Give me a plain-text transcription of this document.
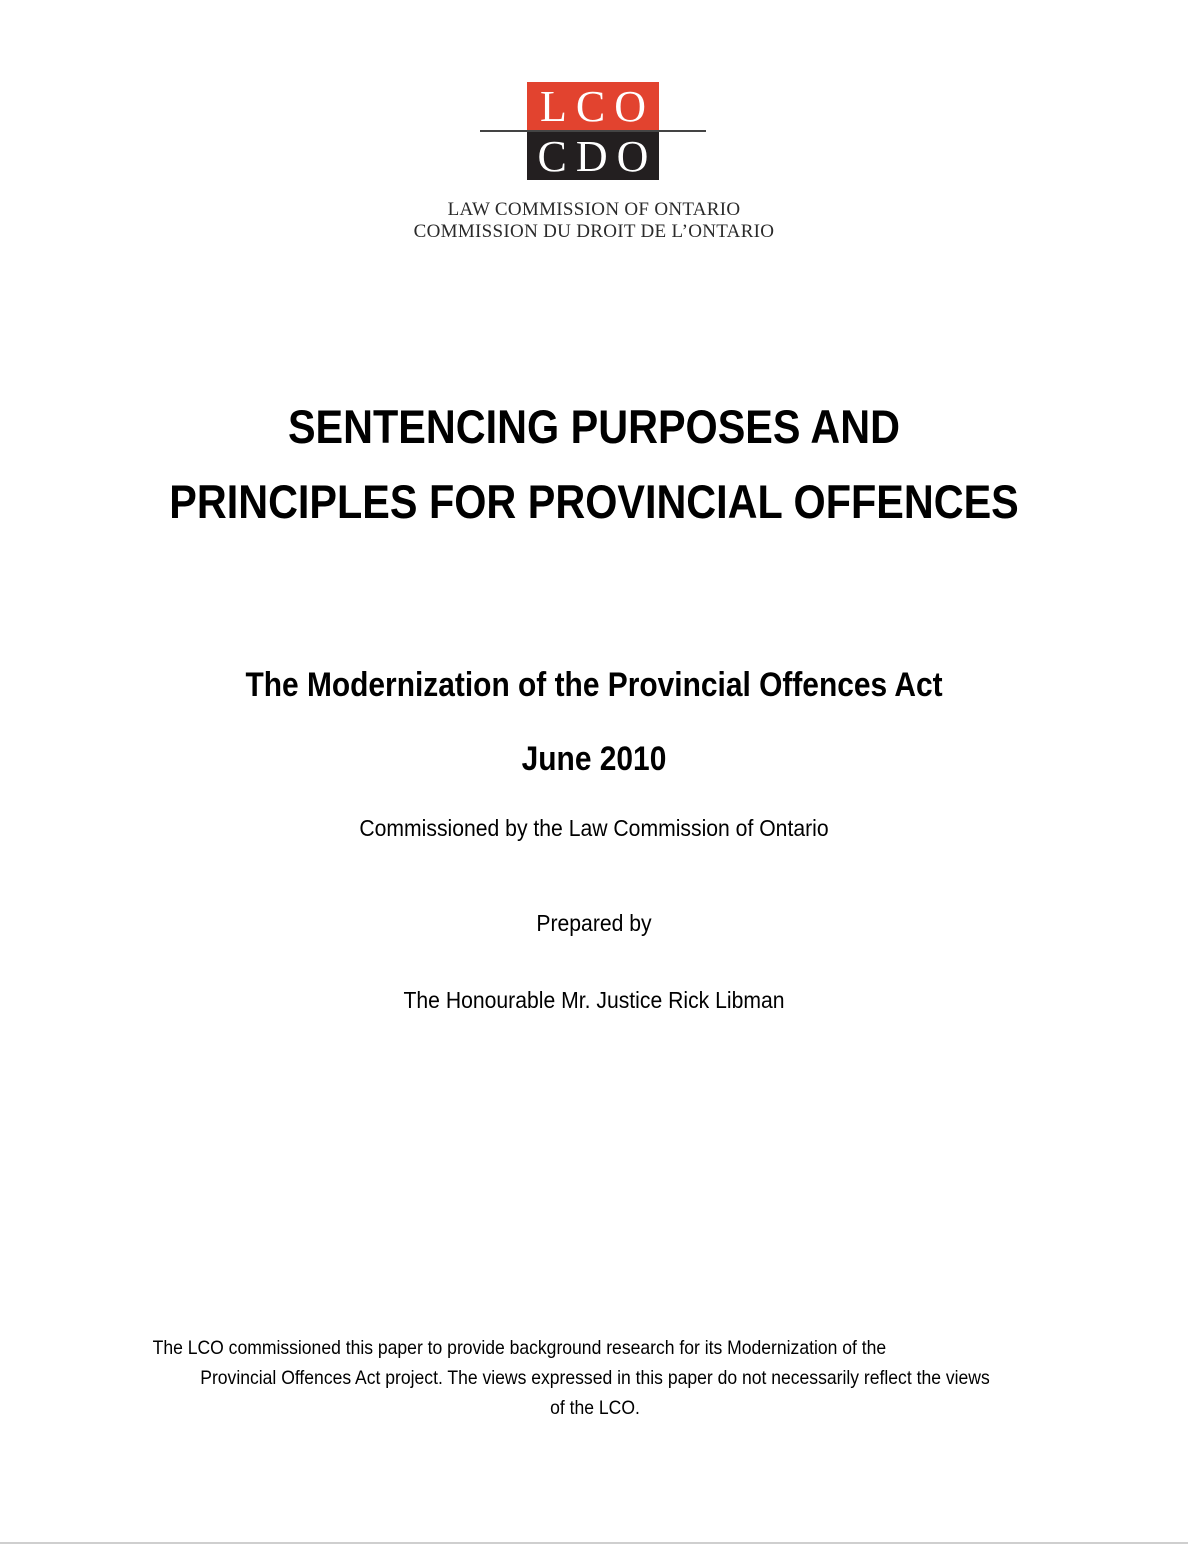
LCO
CDO
LAW COMMISSION OF ONTARIO
COMMISSION DU DROIT DE L’ONTARIO
SENTENCING PURPOSES AND
PRINCIPLES FOR PROVINCIAL OFFENCES
The Modernization of the Provincial Offences Act
June 2010
Commissioned by the Law Commission of Ontario
Prepared by
The Honourable Mr. Justice Rick Libman
The LCO commissioned this paper to provide background research for its Modernization of the
Provincial Offences Act project. The views expressed in this paper do not necessarily reflect the views
of the LCO.
